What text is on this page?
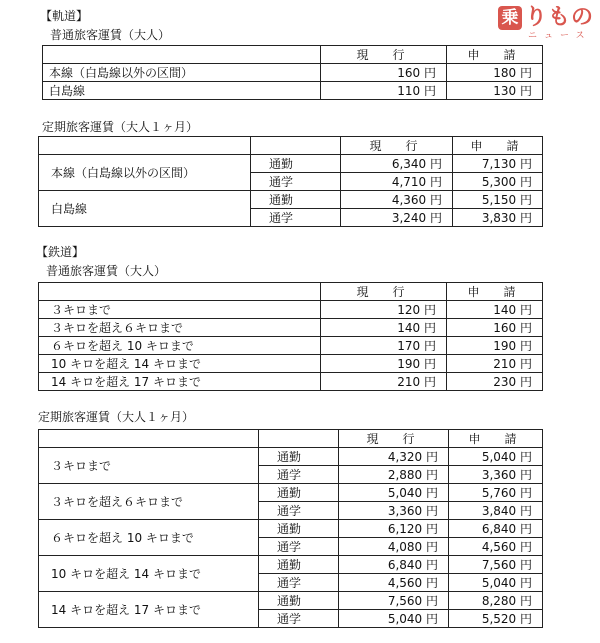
乗 りもの
ニュース
【軌道】
普通旅客運賃（大人）
	現　行	申　請
本線（白島線以外の区間）	160 円	180 円
白島線	110 円	130 円
定期旅客運賃（大人１ヶ月）
		現　行	申　請
本線（白島線以外の区間）	通勤	6,340 円	7,130 円
	通学	4,710 円	5,300 円
白島線	通勤	4,360 円	5,150 円
	通学	3,240 円	3,830 円
【鉄道】
普通旅客運賃（大人）
	現　行	申　請
３キロまで	120 円	140 円
３キロを超え６キロまで	140 円	160 円
６キロを超え 10 キロまで	170 円	190 円
10 キロを超え 14 キロまで	190 円	210 円
14 キロを超え 17 キロまで	210 円	230 円
定期旅客運賃（大人１ヶ月）
		現　行	申　請
３キロまで	通勤	4,320 円	5,040 円
	通学	2,880 円	3,360 円
３キロを超え６キロまで	通勤	5,040 円	5,760 円
	通学	3,360 円	3,840 円
６キロを超え 10 キロまで	通勤	6,120 円	6,840 円
	通学	4,080 円	4,560 円
10 キロを超え 14 キロまで	通勤	6,840 円	7,560 円
	通学	4,560 円	5,040 円
14 キロを超え 17 キロまで	通勤	7,560 円	8,280 円
	通学	5,040 円	5,520 円
